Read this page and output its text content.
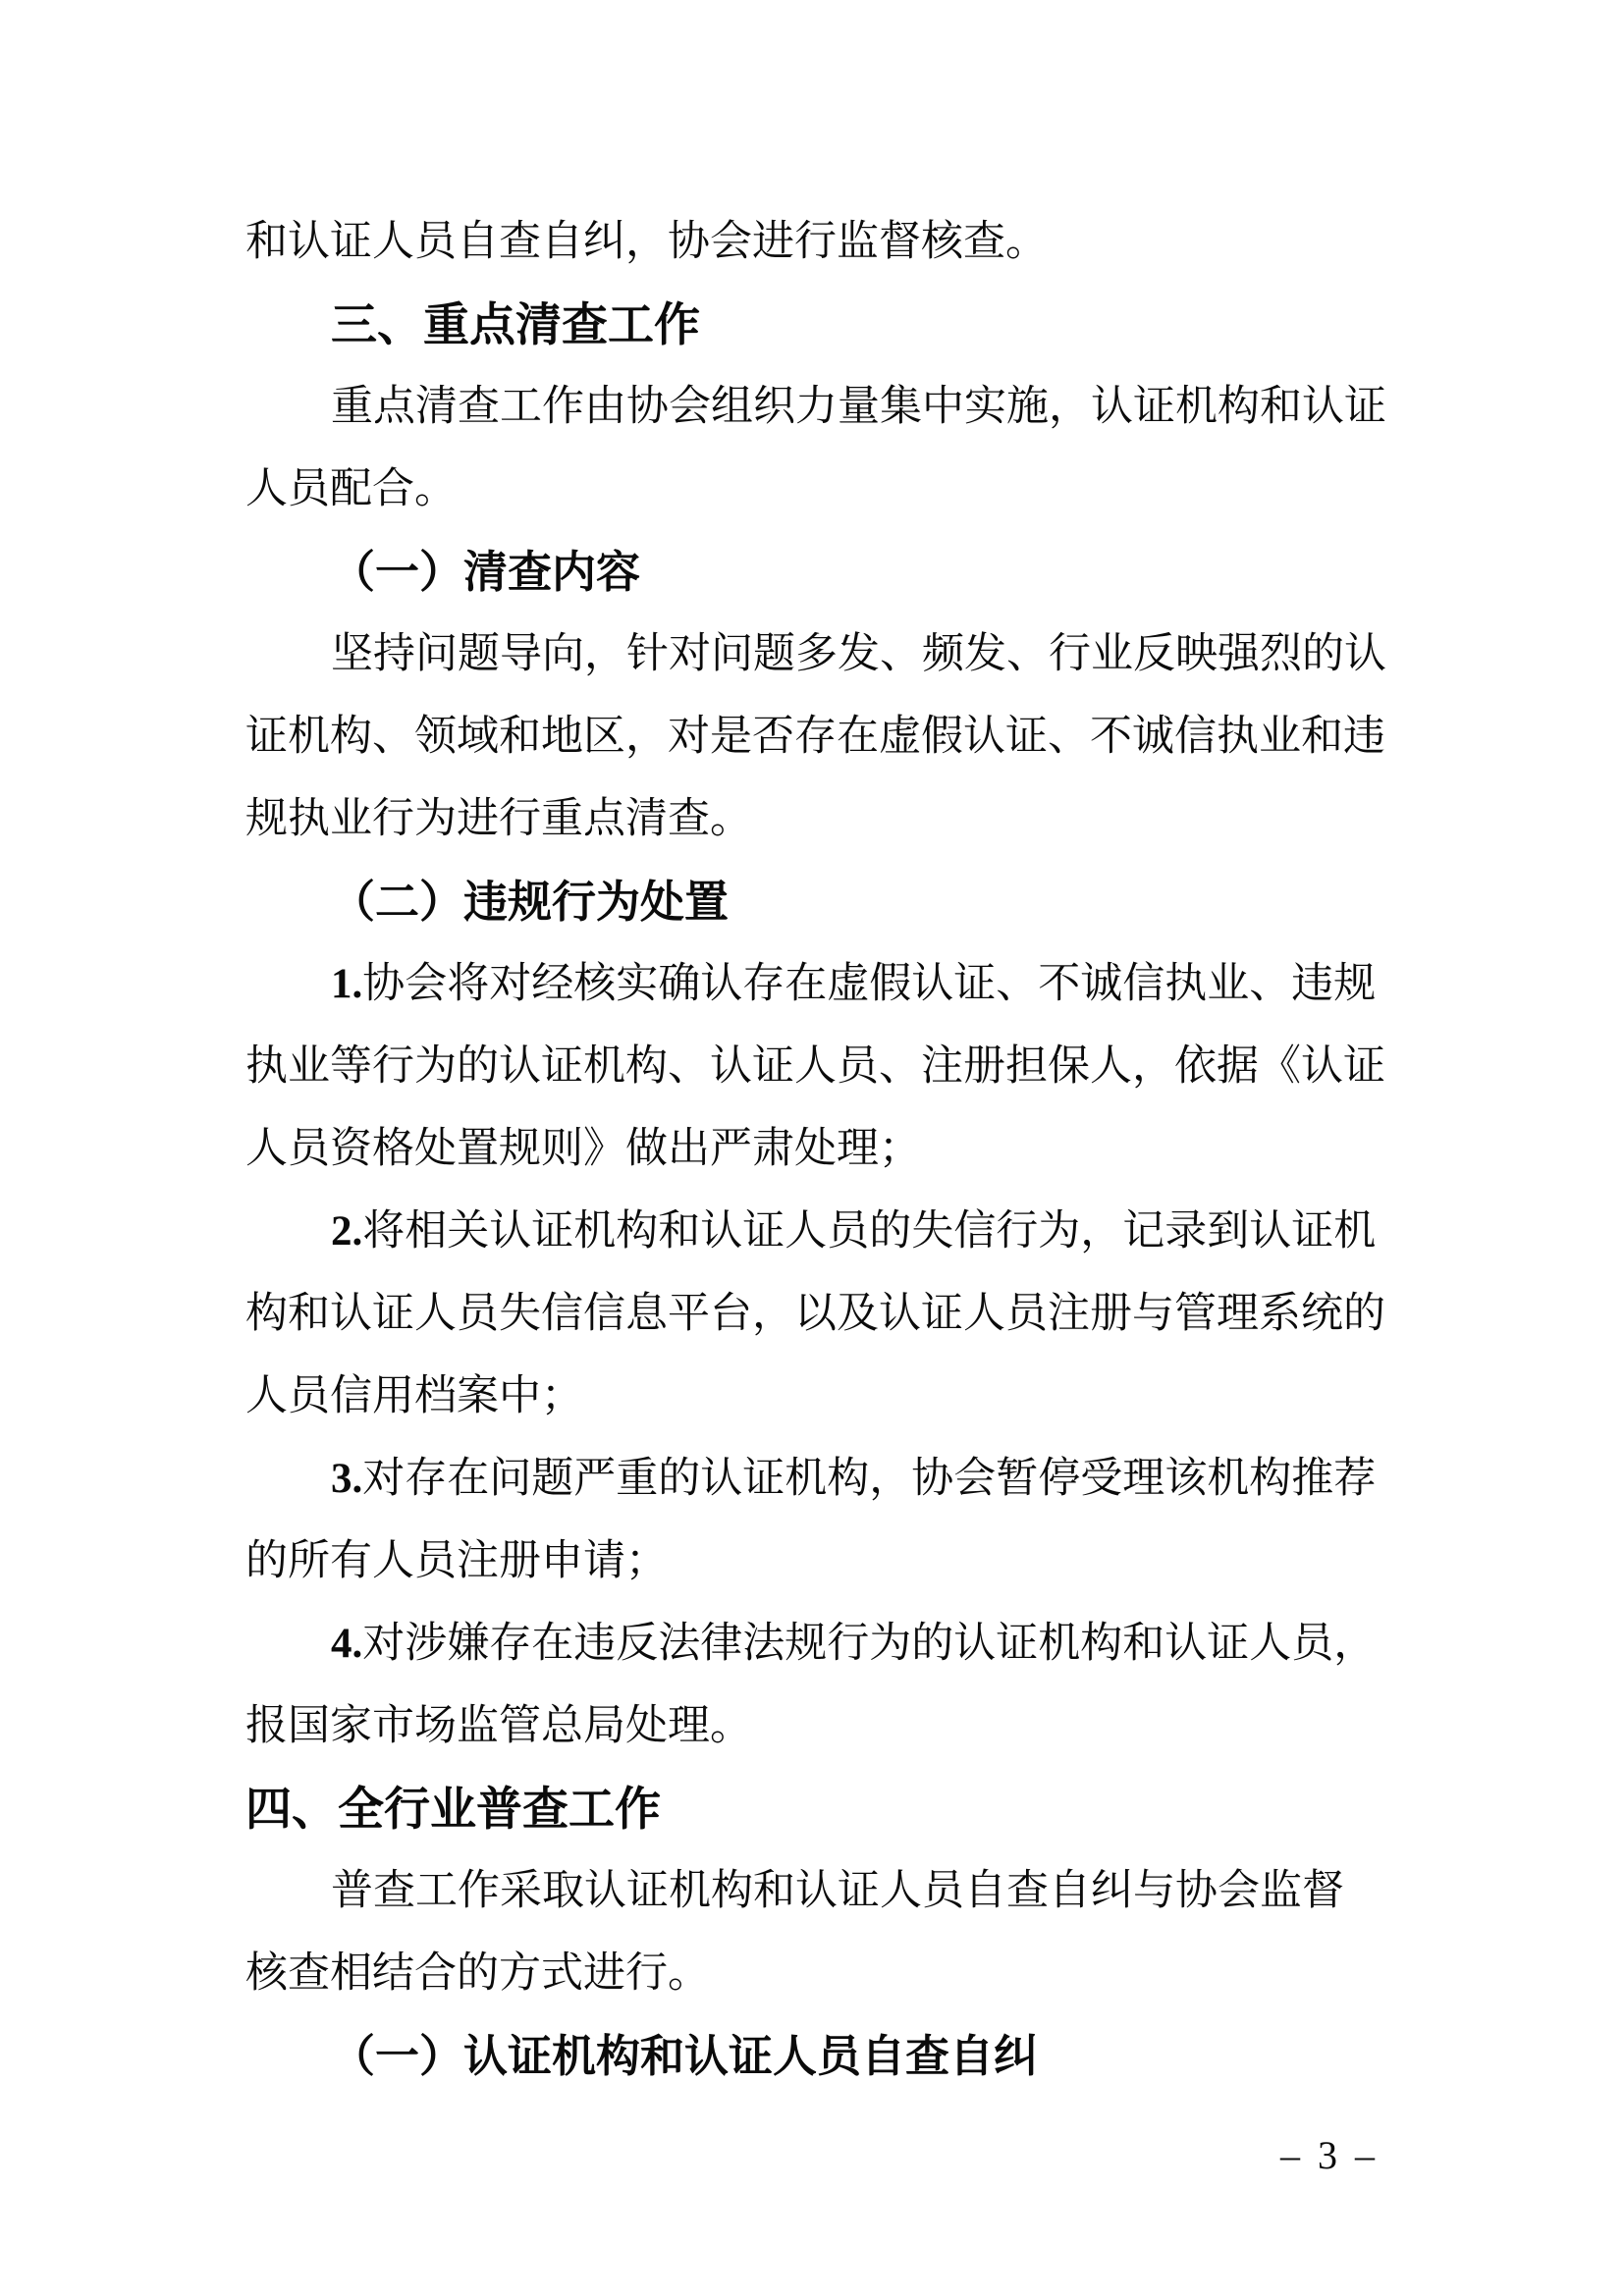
和认证人员自查自纠，协会进行监督核查。
三、重点清查工作
重点清查工作由协会组织力量集中实施，认证机构和认证
人员配合。
（一）清查内容
坚持问题导向，针对问题多发、频发、行业反映强烈的认
证机构、领域和地区，对是否存在虚假认证、不诚信执业和违
规执业行为进行重点清查。
（二）违规行为处置
1.协会将对经核实确认存在虚假认证、不诚信执业、违规
执业等行为的认证机构、认证人员、注册担保人，依据《认证
人员资格处置规则》做出严肃处理；
2.将相关认证机构和认证人员的失信行为，记录到认证机
构和认证人员失信信息平台，以及认证人员注册与管理系统的
人员信用档案中；
3.对存在问题严重的认证机构，协会暂停受理该机构推荐
的所有人员注册申请；
4.对涉嫌存在违反法律法规行为的认证机构和认证人员，
报国家市场监管总局处理。
四、全行业普查工作
普查工作采取认证机构和认证人员自查自纠与协会监督
核查相结合的方式进行。
（一）认证机构和认证人员自查自纠
– 3 –
